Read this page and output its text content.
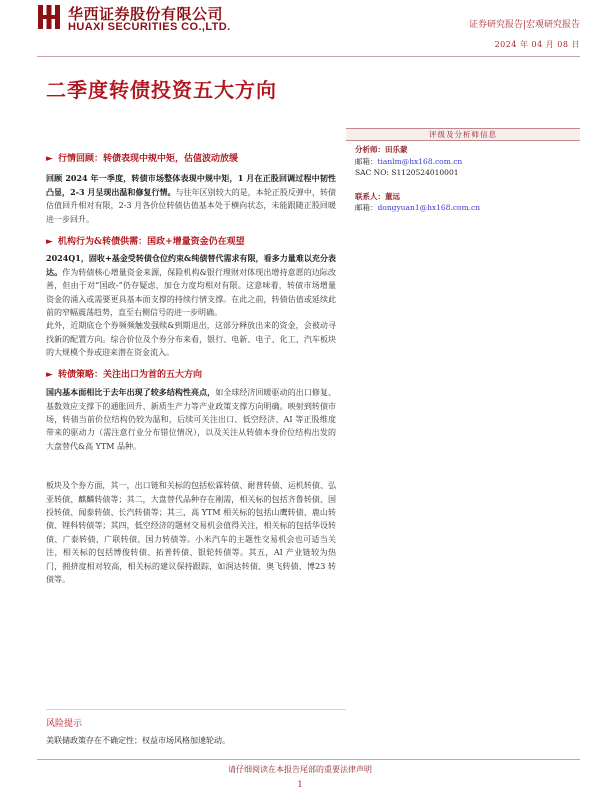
华西证券股份有限公司
HUAXI SECURITIES CO.,LTD.	证券研究报告|宏观研究报告
2024 年 04 月 08 日
二季度转债投资五大方向
► 行情回顾：转债表现中规中矩，估值波动放缓

回顾 2024 年一季度，转债市场整体表现中规中矩，1 月在正股回调过程中韧性凸显，2-3 月呈现出温和修复行情。与往年区别较大的是，本轮正股反弹中，转债估值回升相对有限，2-3 月各价位转债估值基本处于横向状态，未能跟随正股回暖进一步回升。

► 机构行为&转债供需：国政+增量资金仍在观望

2024Q1，固收+基金受转债仓位约束&纯债替代需求有限，看多力量难以充分表达。作为转债核心增量资金来源，保险机构&银行理财对体现出增持意愿的边际改善，但由于对“国政-”仍存疑虑，加仓力度均相对有限。这意味着，转债市场增量资金的涌入或需要更具基本面支撑的持续行情支撑。在此之前，转债估值或延续此前的窄幅震荡趋势，直至右侧信号的进一步明确。

此外，近期底仓个券频频触发强赎&到期退出，这部分释放出来的资金，会被动寻找新的配置方向。综合价位及个券分布来看，银行、电新、电子、化工、汽车板块的大规模个券或迎来潜在资金流入。

► 转债策略：关注出口为首的五大方向

国内基本面相比于去年出现了较多结构性亮点，如全球经济回暖驱动的出口修复、基数效应支撑下的通胀回升、新质生产力等产业政策支撑方向明确。映射到转债市场，转债当前价位结构仍较为温和，后续可关注出口、低空经济、AI 等正股维度带来的驱动力（需注意行业分布错位情况），以及关注从转债本身价位结构出发的大盘替代&高 YTM 品种。

板块及个券方面，其一，出口链和关标的包括松霖转债、耐普转债、运机转债、弘亚转债、麒麟转债等；其二，大盘替代品种存在刚需，相关标的包括齐鲁转债、国投转债、闻泰转债、长汽转债等；其三，高 YTM 相关标的包括山鹰转债、鹿山转债、锂科转债等；其四，低空经济的题材交易机会值得关注，相关标的包括华设转债、广泰转债、广联转债、国力转债等。小米汽车的主题性交易机会也可适当关注，相关标的包括博俊转债、拓普转债、银轮转债等。其五，AI 产业链较为热门，拥挤度相对较高，相关标的建议保持跟踪，如润达转债、奥飞转债、博23 转债等。

评级及分析师信息
分析师：田乐蒙
邮箱：tianlm@hx168.com.cn
SAC NO: S1120524010001
联系人：董远
邮箱：dongyuan1@hx168.com.cn
风险提示
美联储政策存在不确定性；权益市场风格加速轮动。
请仔细阅读在本报告尾部的重要法律声明
1
